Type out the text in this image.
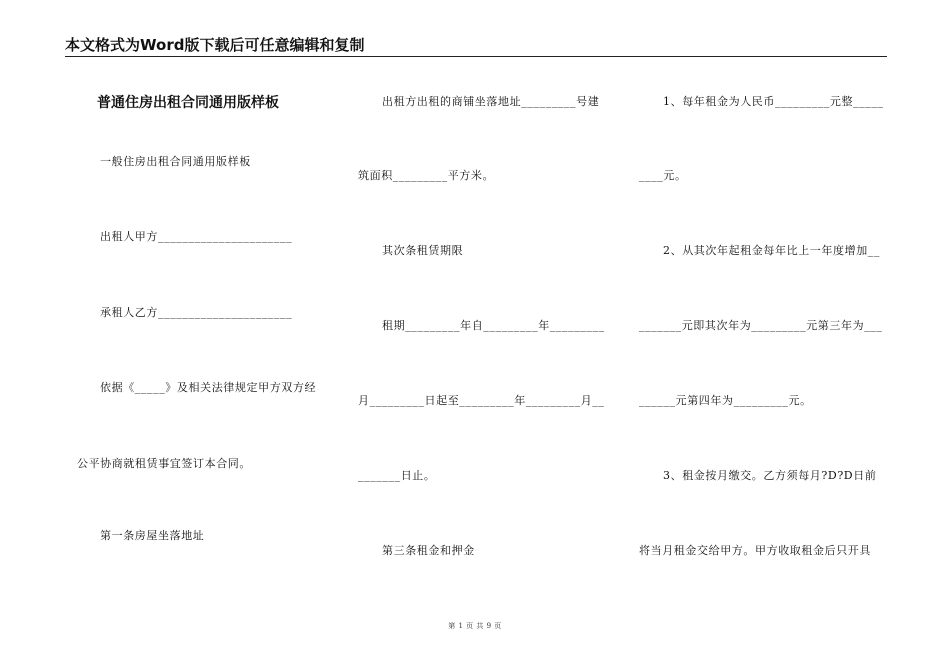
本文格式为Word版下载后可任意编辑和复制
普通住房出租合同通用版样板
一般住房出租合同通用版样板
出租人甲方______________________
承租人乙方______________________
依据《_____》及相关法律规定甲方双方经
公平协商就租赁事宜签订本合同。
第一条房屋坐落地址
出租方出租的商铺坐落地址_________号建
筑面积_________平方米。
其次条租赁期限
租期_________年自_________年_________
月_________日起至_________年_________月__
_______日止。
第三条租金和押金
1、每年租金为人民币_________元整_____
____元。
2、从其次年起租金每年比上一年度增加__
_______元即其次年为_________元第三年为___
______元第四年为_________元。
3、租金按月缴交。乙方须每月?D?D日前
将当月租金交给甲方。甲方收取租金后只开具
第 1 页 共 9 页
